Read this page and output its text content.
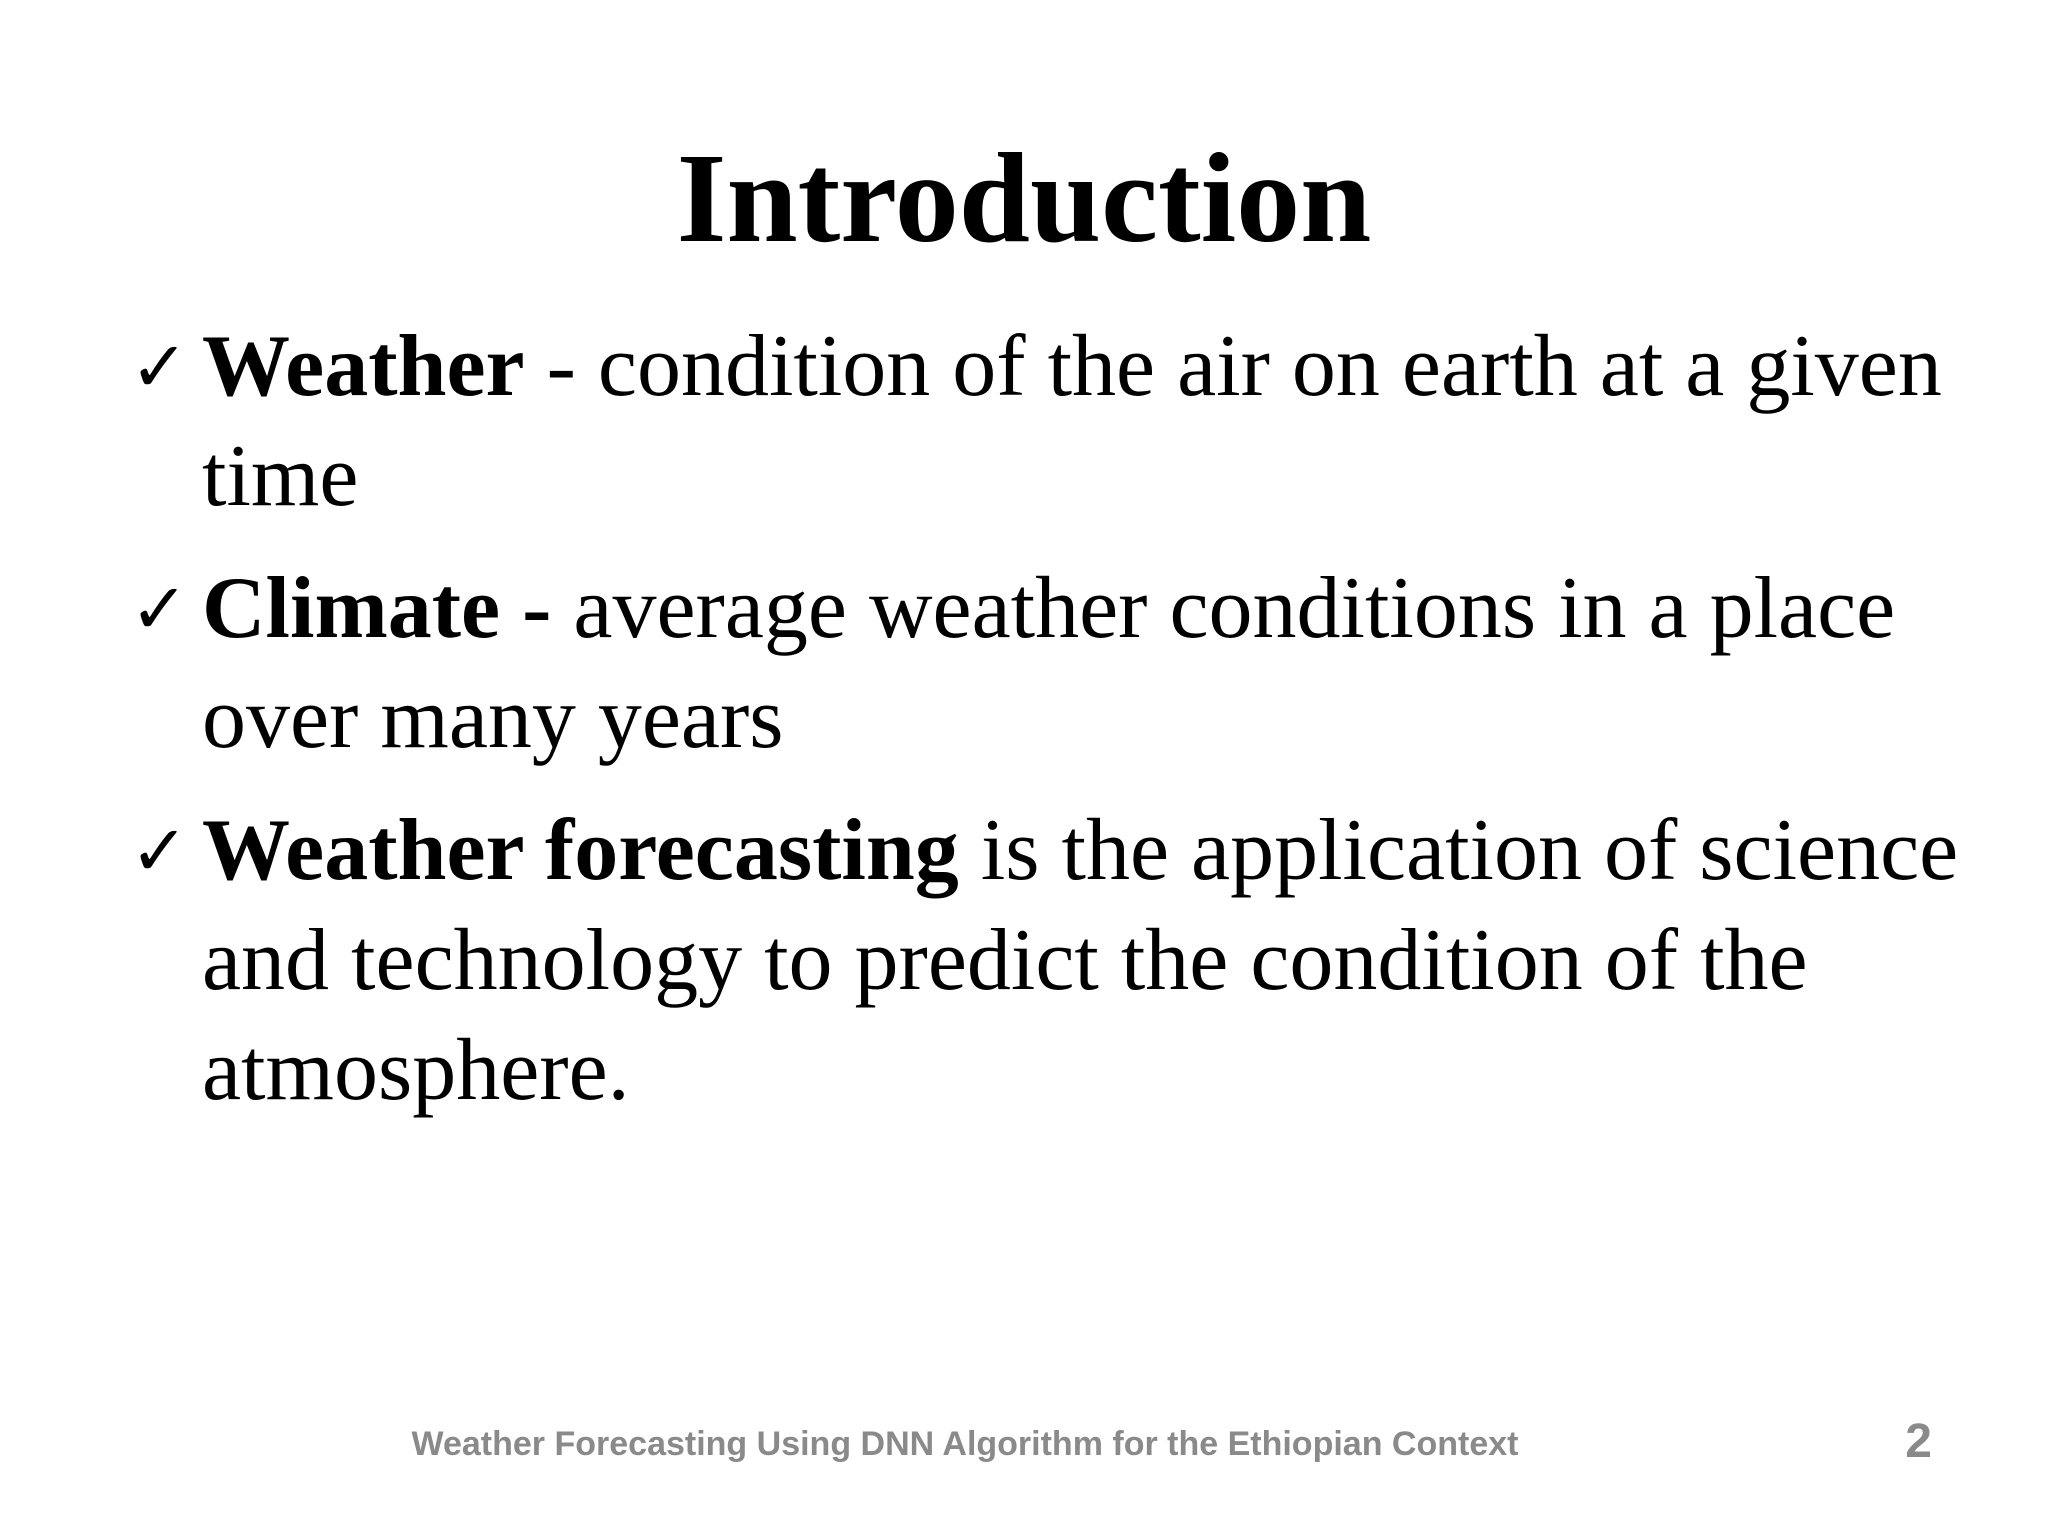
Introduction
✓ Weather - condition of the air on earth at a given time
✓ Climate - average weather conditions in a place over many years
✓ Weather forecasting is the application of science and technology to predict the condition of the atmosphere.
Weather Forecasting Using DNN Algorithm for the Ethiopian Context	2
